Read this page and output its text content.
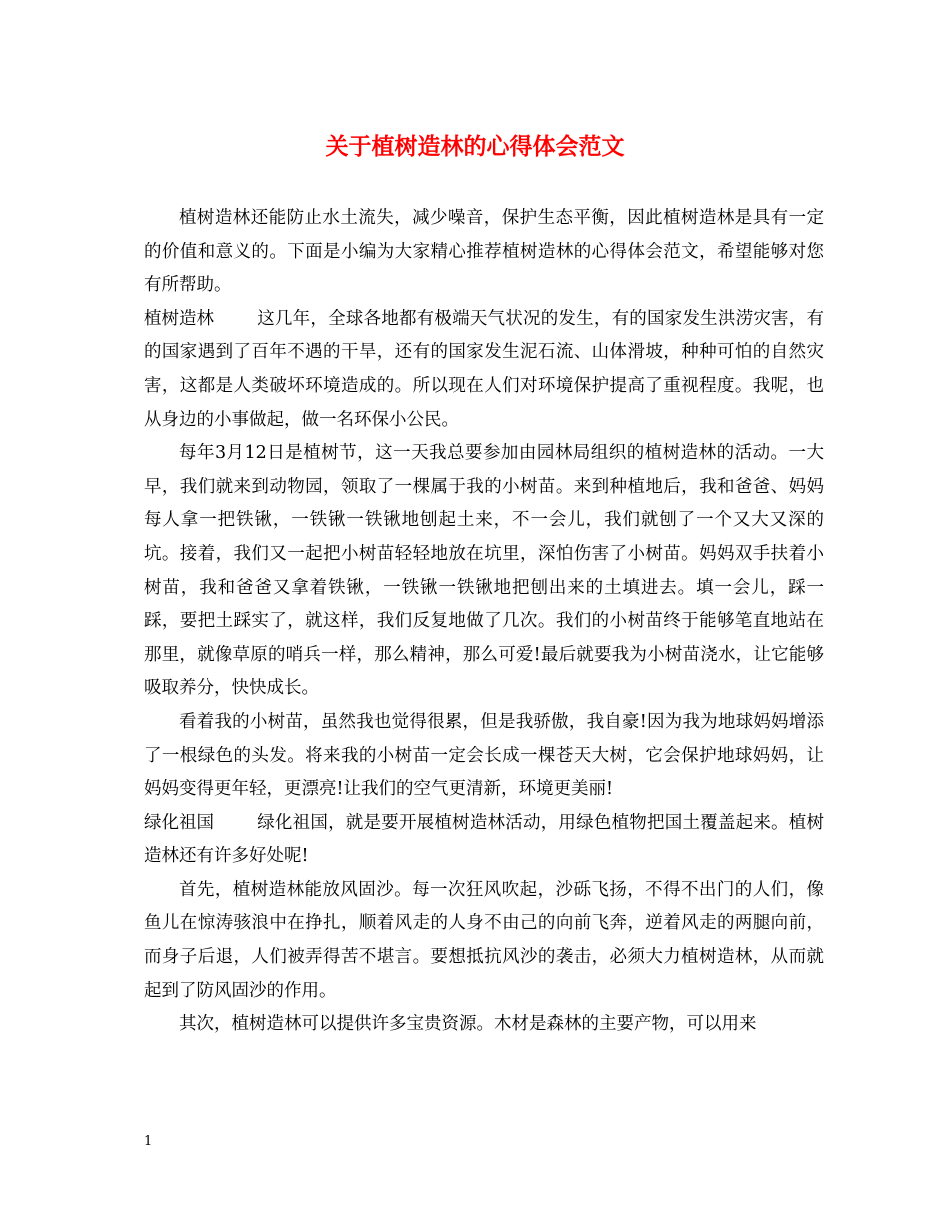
关于植树造林的心得体会范文

植树造林还能防止水土流失，减少噪音，保护生态平衡，因此植树造林是具有一定的价值和意义的。下面是小编为大家精心推荐植树造林的心得体会范文，希望能够对您有所帮助。

植树造林 这几年，全球各地都有极端天气状况的发生，有的国家发生洪涝灾害，有的国家遇到了百年不遇的干旱，还有的国家发生泥石流、山体滑坡，种种可怕的自然灾害，这都是人类破坏环境造成的。所以现在人们对环境保护提高了重视程度。我呢，也从身边的小事做起，做一名环保小公民。

每年3月12日是植树节，这一天我总要参加由园林局组织的植树造林的活动。一大早，我们就来到动物园，领取了一棵属于我的小树苗。来到种植地后，我和爸爸、妈妈每人拿一把铁锹，一铁锹一铁锹地刨起土来，不一会儿，我们就刨了一个又大又深的坑。接着，我们又一起把小树苗轻轻地放在坑里，深怕伤害了小树苗。妈妈双手扶着小树苗，我和爸爸又拿着铁锹，一铁锹一铁锹地把刨出来的土填进去。填一会儿，踩一踩，要把土踩实了，就这样，我们反复地做了几次。我们的小树苗终于能够笔直地站在那里，就像草原的哨兵一样，那么精神，那么可爱!最后就要我为小树苗浇水，让它能够吸取养分，快快成长。

看着我的小树苗，虽然我也觉得很累，但是我骄傲，我自豪!因为我为地球妈妈增添了一根绿色的头发。将来我的小树苗一定会长成一棵苍天大树，它会保护地球妈妈，让妈妈变得更年轻，更漂亮!让我们的空气更清新，环境更美丽!

绿化祖国 绿化祖国，就是要开展植树造林活动，用绿色植物把国土覆盖起来。植树造林还有许多好处呢!

首先，植树造林能放风固沙。每一次狂风吹起，沙砾飞扬，不得不出门的人们，像鱼儿在惊涛骇浪中在挣扎，顺着风走的人身不由己的向前飞奔，逆着风走的两腿向前，而身子后退，人们被弄得苦不堪言。要想抵抗风沙的袭击，必须大力植树造林，从而就起到了防风固沙的作用。

其次，植树造林可以提供许多宝贵资源。木材是森林的主要产物，可以用来

1
